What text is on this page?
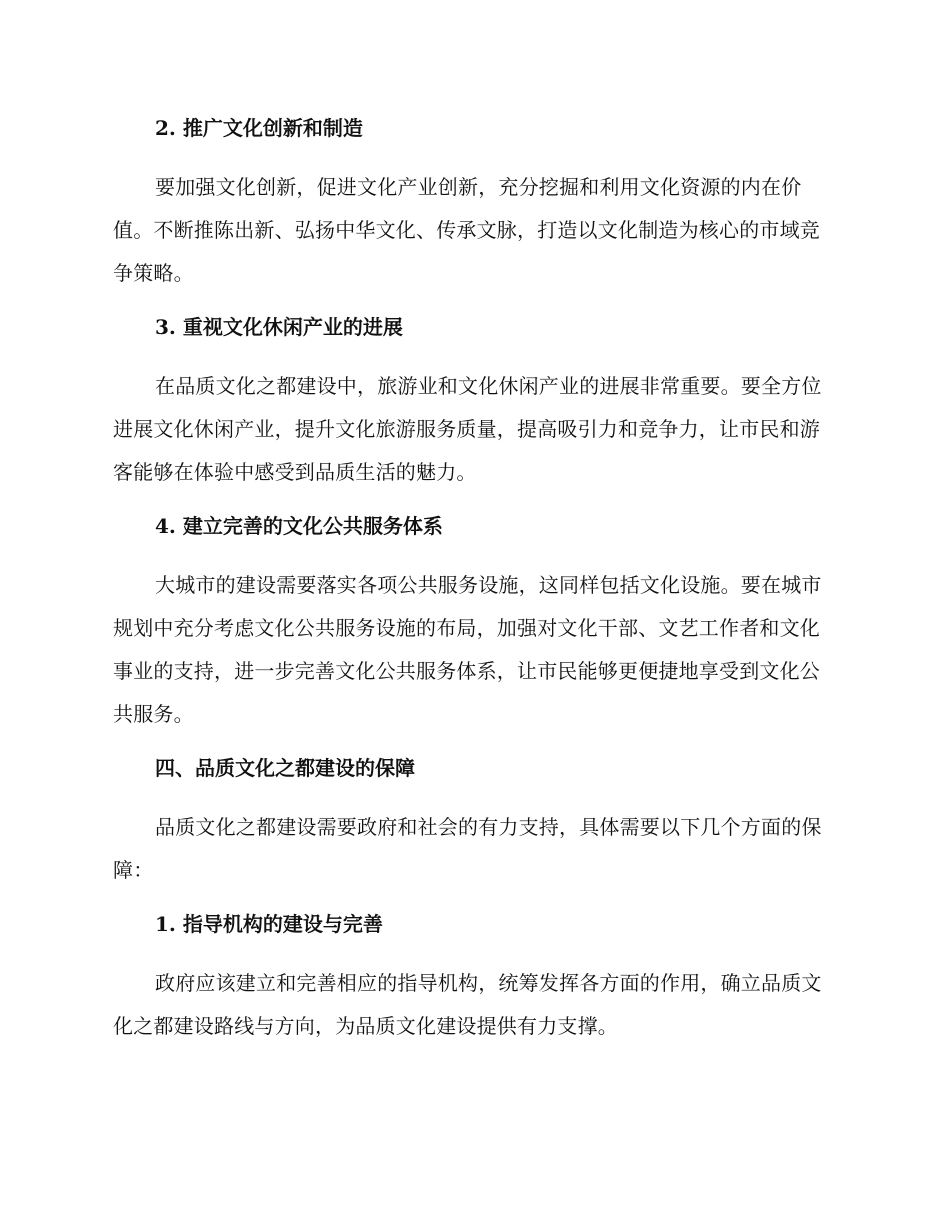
2. 推广文化创新和制造

要加强文化创新，促进文化产业创新，充分挖掘和利用文化资源的内在价值。不断推陈出新、弘扬中华文化、传承文脉，打造以文化制造为核心的市域竞争策略。

3. 重视文化休闲产业的进展

在品质文化之都建设中，旅游业和文化休闲产业的进展非常重要。要全方位进展文化休闲产业，提升文化旅游服务质量，提高吸引力和竞争力，让市民和游客能够在体验中感受到品质生活的魅力。

4. 建立完善的文化公共服务体系

大城市的建设需要落实各项公共服务设施，这同样包括文化设施。要在城市规划中充分考虑文化公共服务设施的布局，加强对文化干部、文艺工作者和文化事业的支持，进一步完善文化公共服务体系，让市民能够更便捷地享受到文化公共服务。

四、品质文化之都建设的保障

品质文化之都建设需要政府和社会的有力支持，具体需要以下几个方面的保障：

1. 指导机构的建设与完善

政府应该建立和完善相应的指导机构，统筹发挥各方面的作用，确立品质文化之都建设路线与方向，为品质文化建设提供有力支撑。
